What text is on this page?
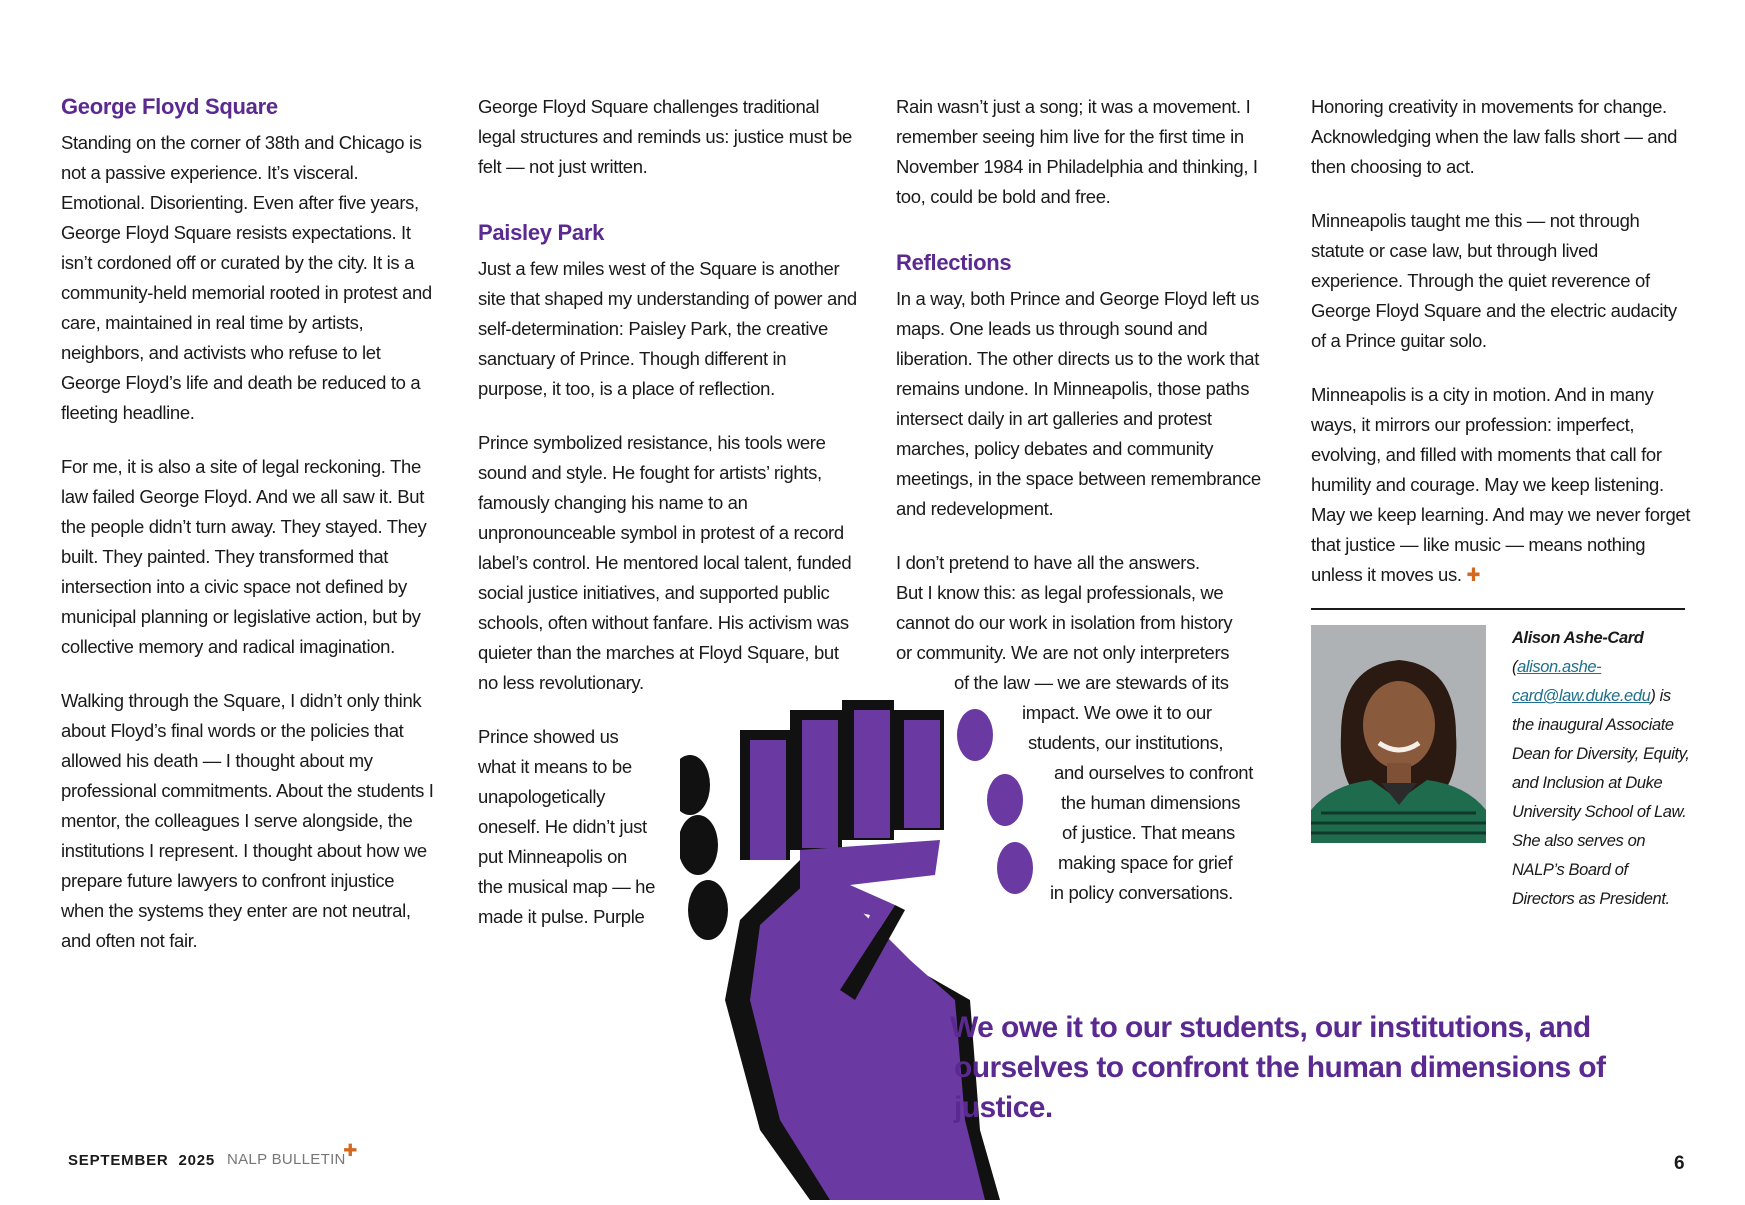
George Floyd Square

Standing on the corner of 38th and Chicago is not a passive experience. It’s visceral. Emotional. Disorienting. Even after five years, George Floyd Square resists expectations. It isn’t cordoned off or curated by the city. It is a community-held memorial rooted in protest and care, maintained in real time by artists, neighbors, and activists who refuse to let George Floyd’s life and death be reduced to a fleeting headline.

For me, it is also a site of legal reckoning. The law failed George Floyd. And we all saw it. But the people didn’t turn away. They stayed. They built. They painted. They transformed that intersection into a civic space not defined by municipal planning or legislative action, but by collective memory and radical imagination.

Walking through the Square, I didn’t only think about Floyd’s final words or the policies that allowed his death — I thought about my professional commitments. About the students I mentor, the colleagues I serve alongside, the institutions I represent. I thought about how we prepare future lawyers to confront injustice when the systems they enter are not neutral, and often not fair.

George Floyd Square challenges traditional legal structures and reminds us: justice must be felt — not just written.

Paisley Park

Just a few miles west of the Square is another site that shaped my understanding of power and self-determination: Paisley Park, the creative sanctuary of Prince. Though different in purpose, it too, is a place of reflection.

Prince symbolized resistance, his tools were sound and style. He fought for artists’ rights, famously changing his name to an unpronounceable symbol in protest of a record label’s control. He mentored local talent, funded social justice initiatives, and supported public schools, often without fanfare. His activism was quieter than the marches at Floyd Square, but no less revolutionary.

Prince showed us
what it means to be
unapologetically
oneself. He didn’t just
put Minneapolis on
the musical map — he
made it pulse. Purple

Rain wasn’t just a song; it was a movement. I remember seeing him live for the first time in November 1984 in Philadelphia and thinking, I too, could be bold and free.

Reflections

In a way, both Prince and George Floyd left us maps. One leads us through sound and liberation. The other directs us to the work that remains undone. In Minneapolis, those paths intersect daily in art galleries and protest marches, policy debates and community meetings, in the space between remembrance and redevelopment.

I don’t pretend to have all the answers.
But I know this: as legal professionals, we
cannot do our work in isolation from history
or community. We are not only interpreters
of the law — we are stewards of its
impact. We owe it to our
students, our institutions,
and ourselves to confront
the human dimensions
of justice. That means
making space for grief
in policy conversations.

Honoring creativity in movements for change. Acknowledging when the law falls short — and then choosing to act.

Minneapolis taught me this — not through statute or case law, but through lived experience. Through the quiet reverence of George Floyd Square and the electric audacity of a Prince guitar solo.

Minneapolis is a city in motion. And in many ways, it mirrors our profession: imperfect, evolving, and filled with moments that call for humility and courage. May we keep listening. May we keep learning. And may we never forget that justice — like music — means nothing unless it moves us. ✚

Alison Ashe-Card
(alison.ashe-card@law.duke.edu) is the inaugural Associate Dean for Diversity, Equity, and Inclusion at Duke University School of Law. She also serves on NALP’s Board of Directors as President.
We owe it to our students, our institutions, and
ourselves to confront the human dimensions of justice.
SEPTEMBER  2025 NALP BULLETIN
✚
6
